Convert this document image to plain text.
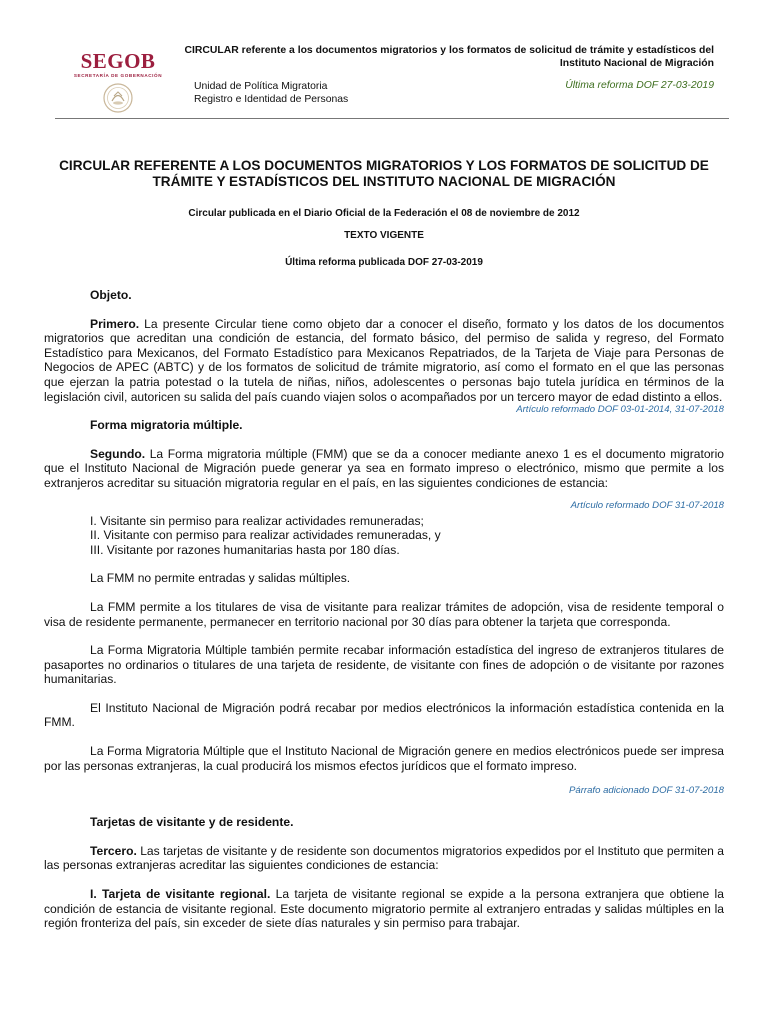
SEGOB
SECRETARÍA DE GOBERNACIÓN
CIRCULAR referente a los documentos migratorios y los formatos de solicitud de trámite y estadísticos del Instituto Nacional de Migración
Unidad de Política Migratoria
Registro e Identidad de Personas
Última reforma DOF 27-03-2019
CIRCULAR REFERENTE A LOS DOCUMENTOS MIGRATORIOS Y LOS FORMATOS DE SOLICITUD DE TRÁMITE Y ESTADÍSTICOS DEL INSTITUTO NACIONAL DE MIGRACIÓN
Circular publicada en el Diario Oficial de la Federación el 08 de noviembre de 2012
TEXTO VIGENTE
Última reforma publicada DOF 27-03-2019

Objeto.

Primero. La presente Circular tiene como objeto dar a conocer el diseño, formato y los datos de los documentos migratorios que acreditan una condición de estancia, del formato básico, del permiso de salida y regreso, del Formato Estadístico para Mexicanos, del Formato Estadístico para Mexicanos Repatriados, de la Tarjeta de Viaje para Personas de Negocios de APEC (ABTC) y de los formatos de solicitud de trámite migratorio, así como el formato en el que las personas que ejerzan la patria potestad o la tutela de niñas, niños, adolescentes o personas bajo tutela jurídica en términos de la legislación civil, autoricen su salida del país cuando viajen solos o acompañados por un tercero mayor de edad distinto a ellos.

Artículo reformado DOF 03-01-2014, 31-07-2018

Forma migratoria múltiple.

Segundo. La Forma migratoria múltiple (FMM) que se da a conocer mediante anexo 1 es el documento migratorio que el Instituto Nacional de Migración puede generar ya sea en formato impreso o electrónico, mismo que permite a los extranjeros acreditar su situación migratoria regular en el país, en las siguientes condiciones de estancia:

Artículo reformado DOF 31-07-2018

I. Visitante sin permiso para realizar actividades remuneradas;

II. Visitante con permiso para realizar actividades remuneradas, y

III. Visitante por razones humanitarias hasta por 180 días.

La FMM no permite entradas y salidas múltiples.

La FMM permite a los titulares de visa de visitante para realizar trámites de adopción, visa de residente temporal o visa de residente permanente, permanecer en territorio nacional por 30 días para obtener la tarjeta que corresponda.

La Forma Migratoria Múltiple también permite recabar información estadística del ingreso de extranjeros titulares de pasaportes no ordinarios o titulares de una tarjeta de residente, de visitante con fines de adopción o de visitante por razones humanitarias.

El Instituto Nacional de Migración podrá recabar por medios electrónicos la información estadística contenida en la FMM.

La Forma Migratoria Múltiple que el Instituto Nacional de Migración genere en medios electrónicos puede ser impresa por las personas extranjeras, la cual producirá los mismos efectos jurídicos que el formato impreso.

Párrafo adicionado DOF 31-07-2018

Tarjetas de visitante y de residente.

Tercero. Las tarjetas de visitante y de residente son documentos migratorios expedidos por el Instituto que permiten a las personas extranjeras acreditar las siguientes condiciones de estancia:

I. Tarjeta de visitante regional. La tarjeta de visitante regional se expide a la persona extranjera que obtiene la condición de estancia de visitante regional. Este documento migratorio permite al extranjero entradas y salidas múltiples en la región fronteriza del país, sin exceder de siete días naturales y sin permiso para trabajar.
